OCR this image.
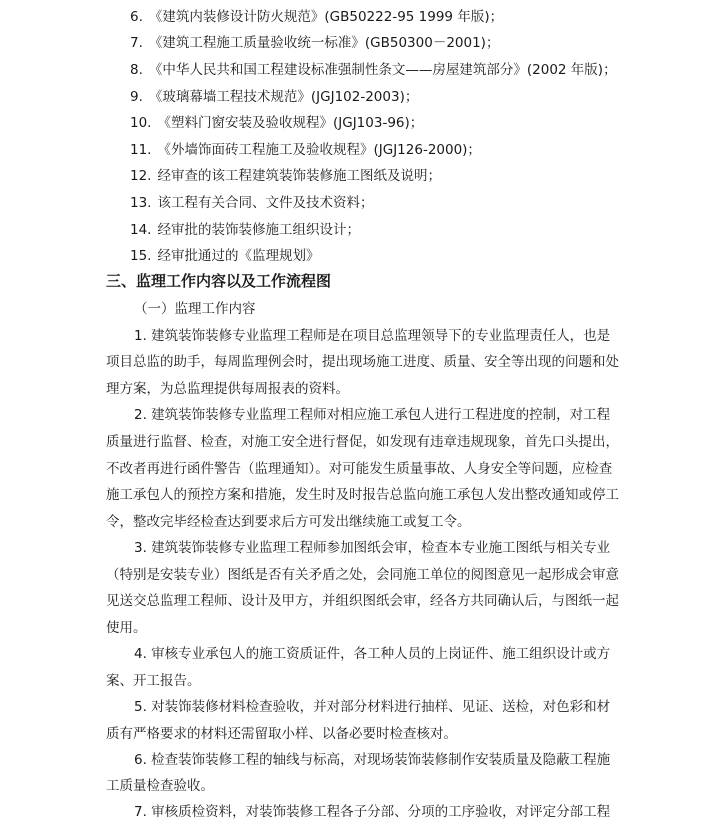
6. 《建筑内装修设计防火规范》(GB50222-95 1999 年版)；
7. 《建筑工程施工质量验收统一标准》(GB50300－2001)；
8. 《中华人民共和国工程建设标准强制性条文——房屋建筑部分》(2002 年版)；
9. 《玻璃幕墙工程技术规范》(JGJ102-2003)；
10. 《塑料门窗安装及验收规程》(JGJ103-96)；
11. 《外墙饰面砖工程施工及验收规程》(JGJ126-2000)；
12. 经审查的该工程建筑装饰装修施工图纸及说明；
13. 该工程有关合同、文件及技术资料；
14. 经审批的装饰装修施工组织设计；
15. 经审批通过的《监理规划》
三、监理工作内容以及工作流程图
（一）监理工作内容
1. 建筑装饰装修专业监理工程师是在项目总监理领导下的专业监理责任人，也是
项目总监的助手，每周监理例会时，提出现场施工进度、质量、安全等出现的问题和处
理方案，为总监理提供每周报表的资料。
2. 建筑装饰装修专业监理工程师对相应施工承包人进行工程进度的控制，对工程
质量进行监督、检查，对施工安全进行督促，如发现有违章违规现象，首先口头提出，
不改者再进行函件警告（监理通知）。对可能发生质量事故、人身安全等问题，应检查
施工承包人的预控方案和措施，发生时及时报告总监向施工承包人发出整改通知或停工
令，整改完毕经检查达到要求后方可发出继续施工或复工令。
3. 建筑装饰装修专业监理工程师参加图纸会审，检查本专业施工图纸与相关专业
（特别是安装专业）图纸是否有关矛盾之处，会同施工单位的阅图意见一起形成会审意
见送交总监理工程师、设计及甲方，并组织图纸会审，经各方共同确认后，与图纸一起
使用。
4. 审核专业承包人的施工资质证件，各工种人员的上岗证件、施工组织设计或方
案、开工报告。
5. 对装饰装修材料检查验收，并对部分材料进行抽样、见证、送检，对色彩和材
质有严格要求的材料还需留取小样、以备必要时检查核对。
6. 检查装饰装修工程的轴线与标高，对现场装饰装修制作安装质量及隐蔽工程施
工质量检查验收。
7. 审核质检资料，对装饰装修工程各子分部、分项的工序验收，对评定分部工程
